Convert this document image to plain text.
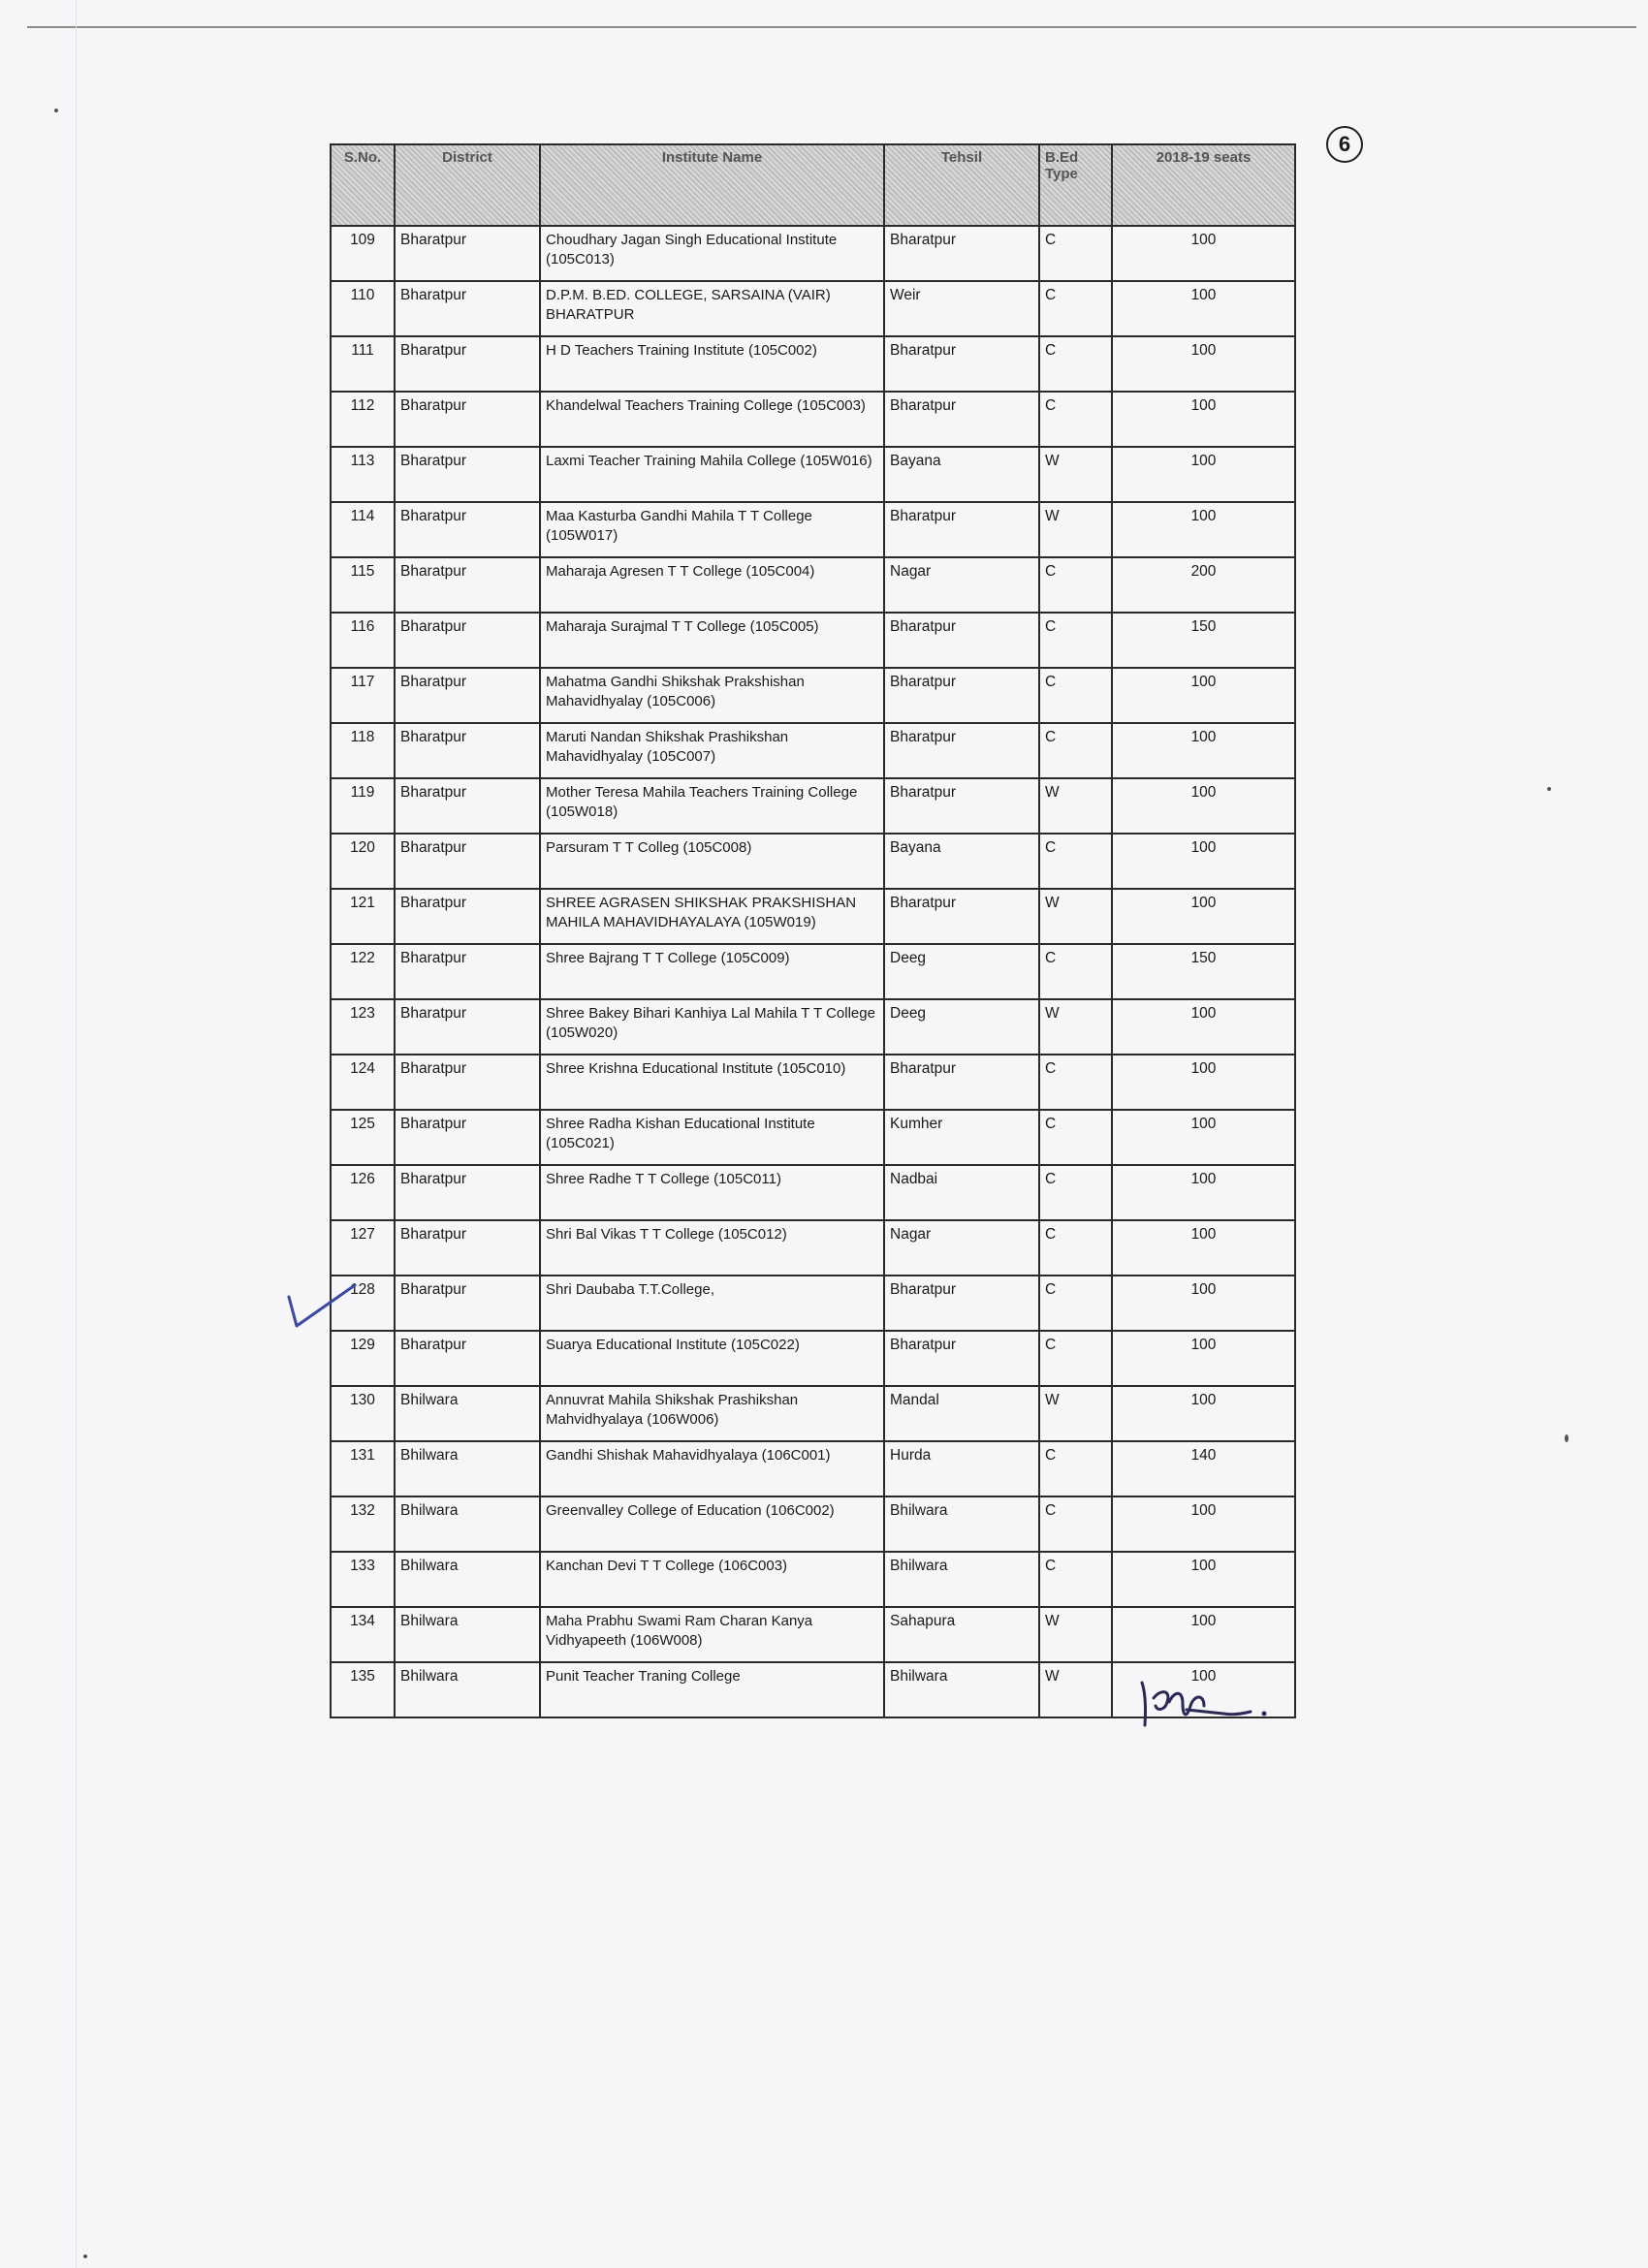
6
S.No.	District	Institute Name	Tehsil	B.Ed Type	2018-19 seats
109	Bharatpur	Choudhary Jagan Singh Educational Institute (105C013)	Bharatpur	C	100
110	Bharatpur	D.P.M. B.ED. COLLEGE, SARSAINA (VAIR) BHARATPUR	Weir	C	100
111	Bharatpur	H D Teachers Training Institute (105C002)	Bharatpur	C	100
112	Bharatpur	Khandelwal Teachers Training College (105C003)	Bharatpur	C	100
113	Bharatpur	Laxmi Teacher Training Mahila College (105W016)	Bayana	W	100
114	Bharatpur	Maa Kasturba Gandhi Mahila T T College (105W017)	Bharatpur	W	100
115	Bharatpur	Maharaja Agresen T T College (105C004)	Nagar	C	200
116	Bharatpur	Maharaja Surajmal T T College (105C005)	Bharatpur	C	150
117	Bharatpur	Mahatma Gandhi Shikshak Prakshishan Mahavidhyalay (105C006)	Bharatpur	C	100
118	Bharatpur	Maruti Nandan Shikshak Prashikshan Mahavidhyalay (105C007)	Bharatpur	C	100
119	Bharatpur	Mother Teresa Mahila Teachers Training College (105W018)	Bharatpur	W	100
120	Bharatpur	Parsuram T T Colleg (105C008)	Bayana	C	100
121	Bharatpur	SHREE AGRASEN SHIKSHAK PRAKSHISHAN MAHILA MAHAVIDHAYALAYA (105W019)	Bharatpur	W	100
122	Bharatpur	Shree Bajrang T T College (105C009)	Deeg	C	150
123	Bharatpur	Shree Bakey Bihari Kanhiya Lal Mahila T T College (105W020)	Deeg	W	100
124	Bharatpur	Shree Krishna Educational Institute (105C010)	Bharatpur	C	100
125	Bharatpur	Shree Radha Kishan Educational Institute (105C021)	Kumher	C	100
126	Bharatpur	Shree Radhe T T College (105C011)	Nadbai	C	100
127	Bharatpur	Shri Bal Vikas T T College (105C012)	Nagar	C	100
128	Bharatpur	Shri Daubaba T.T.College,	Bharatpur	C	100
129	Bharatpur	Suarya Educational Institute (105C022)	Bharatpur	C	100
130	Bhilwara	Annuvrat Mahila Shikshak Prashikshan Mahvidhyalaya (106W006)	Mandal	W	100
131	Bhilwara	Gandhi Shishak Mahavidhyalaya (106C001)	Hurda	C	140
132	Bhilwara	Greenvalley College of Education (106C002)	Bhilwara	C	100
133	Bhilwara	Kanchan Devi T T College (106C003)	Bhilwara	C	100
134	Bhilwara	Maha Prabhu Swami Ram Charan Kanya Vidhyapeeth (106W008)	Sahapura	W	100
135	Bhilwara	Punit Teacher Traning College	Bhilwara	W	100
